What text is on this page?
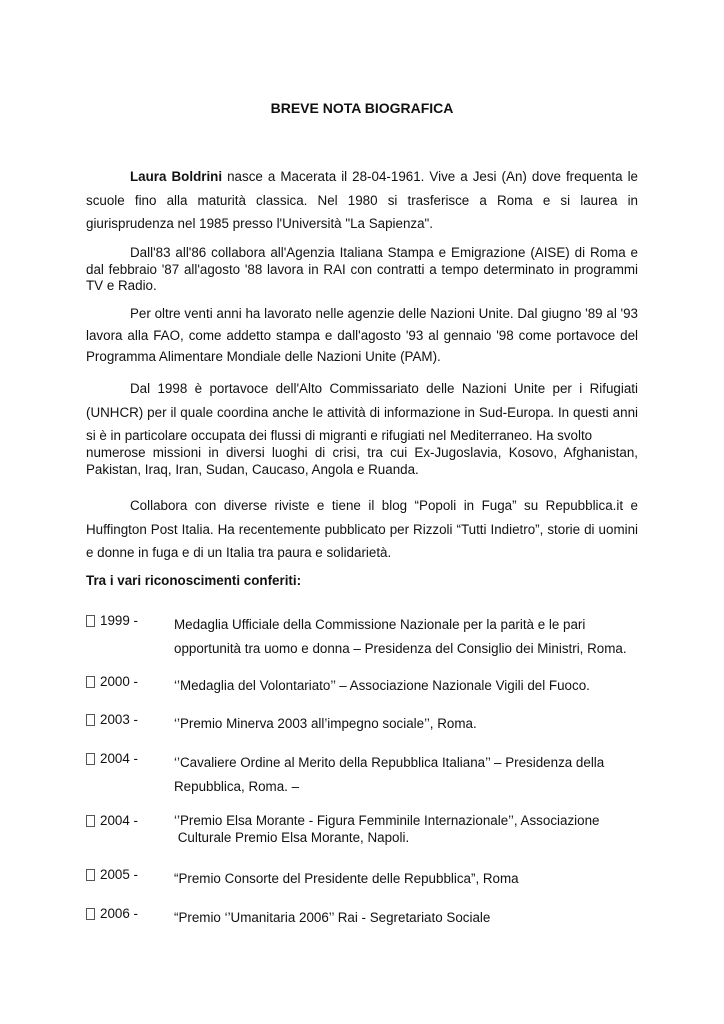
BREVE NOTA BIOGRAFICA

Laura Boldrini nasce a Macerata il 28-04-1961. Vive a Jesi (An) dove frequenta le scuole fino alla maturità classica. Nel 1980 si trasferisce a Roma e si laurea in giurisprudenza nel 1985 presso l'Università "La Sapienza".

Dall'83 all'86 collabora all'Agenzia Italiana Stampa e Emigrazione (AISE) di Roma e dal febbraio '87 all'agosto '88 lavora in RAI con contratti a tempo determinato in programmi TV e Radio.

Per oltre venti anni ha lavorato nelle agenzie delle Nazioni Unite. Dal giugno '89 al '93 lavora alla FAO, come addetto stampa e dall'agosto '93 al gennaio '98 come portavoce del Programma Alimentare Mondiale delle Nazioni Unite (PAM).

Dal 1998 è portavoce dell'Alto Commissariato delle Nazioni Unite per i Rifugiati (UNHCR) per il quale coordina anche le attività di informazione in Sud-Europa. In questi anni si è in particolare occupata dei flussi di migranti e rifugiati nel Mediterraneo. Ha svolto

numerose missioni in diversi luoghi di crisi, tra cui Ex-Jugoslavia, Kosovo, Afghanistan, Pakistan, Iraq, Iran, Sudan, Caucaso, Angola e Ruanda.

Collabora con diverse riviste e tiene il blog “Popoli in Fuga” su Repubblica.it e Huffington Post Italia. Ha recentemente pubblicato per Rizzoli “Tutti Indietro”, storie di uomini e donne in fuga e di un Italia tra paura e solidarietà.

Tra i vari riconoscimenti conferiti:
1999 -	Medaglia Ufficiale della Commissione Nazionale per la parità e le pari
opportunità tra uomo e donna – Presidenza del Consiglio dei Ministri, Roma.
2000 -	‘’Medaglia del Volontariato’’ – Associazione Nazionale Vigili del Fuoco.
2003 -	‘’Premio Minerva 2003 all’impegno sociale’’, Roma.
2004 -	‘’Cavaliere Ordine al Merito della Repubblica Italiana’’ – Presidenza della
Repubblica, Roma. –
2004 -	‘’Premio Elsa Morante - Figura Femminile Internazionale’’, Associazione
Culturale Premio Elsa Morante, Napoli.
2005 -	“Premio Consorte del Presidente delle Repubblica”, Roma
2006 -	“Premio ‘’Umanitaria 2006’’ Rai - Segretariato Sociale
